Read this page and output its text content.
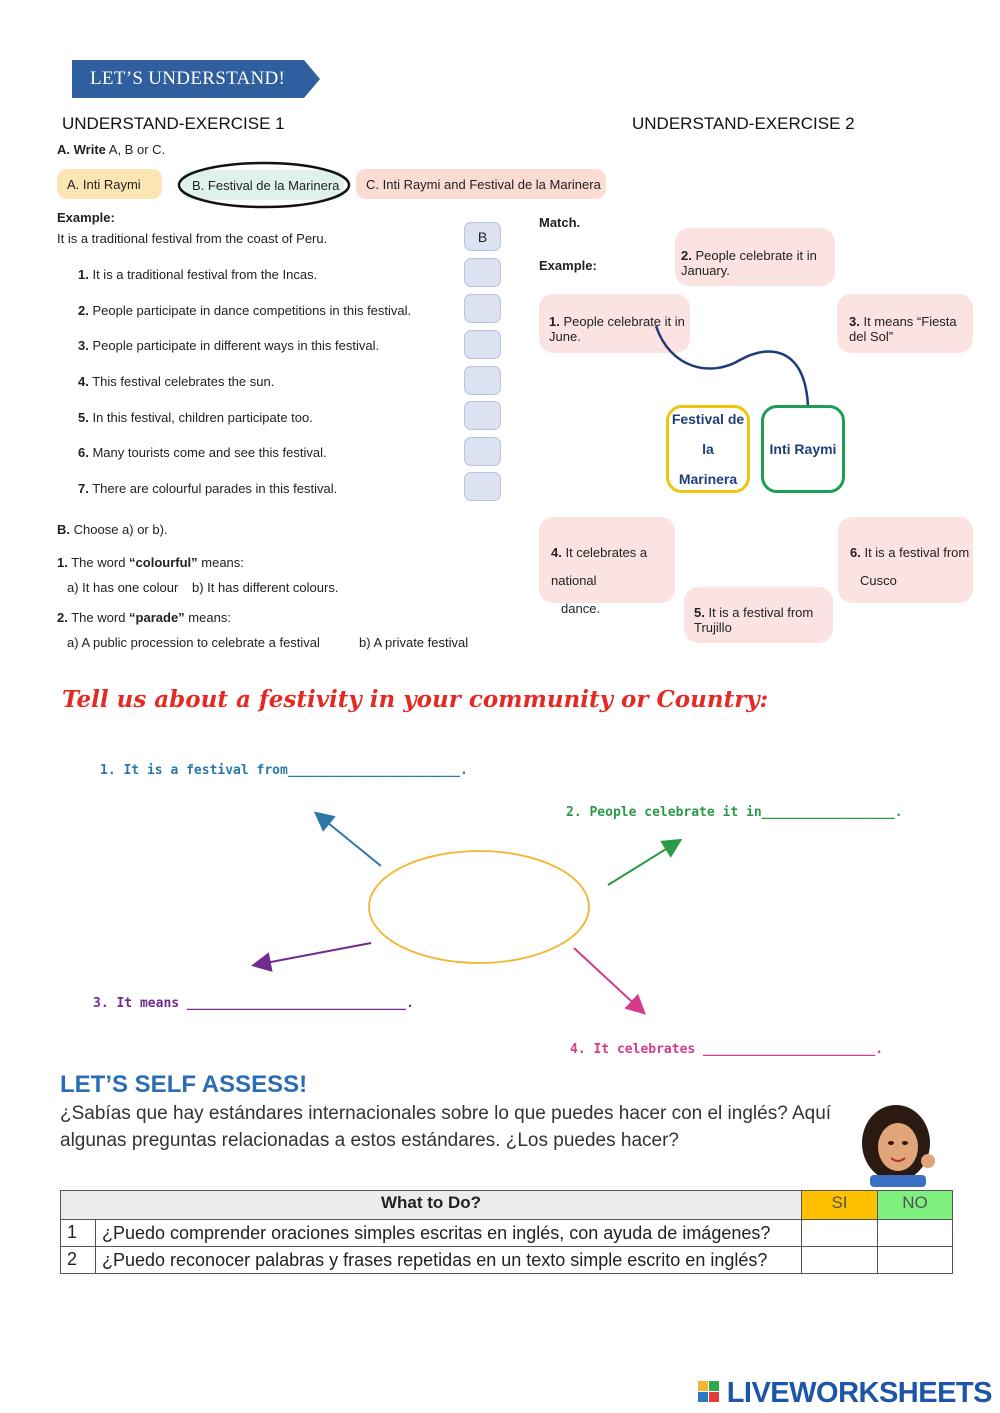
LET’S UNDERSTAND!
UNDERSTAND-EXERCISE 1
A. Write A, B or C.
A. Inti Raymi	B. Festival de la Marinera	C. Inti Raymi and Festival de la Marinera
Example:
It is a traditional festival from the coast of Peru.	B
1. It is a traditional festival from the Incas.
2. People participate in dance competitions in this festival.
3. People participate in different ways in this festival.
4. This festival celebrates the sun.
5. In this festival, children participate too.
6. Many tourists come and see this festival.
7. There are colourful parades in this festival.
B. Choose a) or b).
1. The word “colourful” means:
a) It has one colour b) It has different colours.
2. The word “parade” means:
a) A public procession to celebrate a festival	b) A private festival
UNDERSTAND-EXERCISE 2
Match.
Example:
2. People celebrate it in January.
1. People celebrate it in June.
3. It means “Fiesta del Sol”
4. It celebrates a national
dance.
6. It is a festival from
Cusco
5. It is a festival from Trujillo
Festival de la
Marinera
Inti Raymi
Tell us about a festivity in your community or Country:
1. It is a festival from______________________.
2. People celebrate it in_________________.
3. It means ____________________________.
4. It celebrates ______________________.
LET’S SELF ASSESS!
¿Sabías que hay estándares internacionales sobre lo que puedes hacer con el inglés? Aquí algunas preguntas relacionadas a estos estándares. ¿Los puedes hacer?
What to Do?		SI	NO
1	¿Puedo comprender oraciones simples escritas en inglés, con ayuda de imágenes?		
2	¿Puedo reconocer palabras y frases repetidas en un texto simple escrito en inglés?		
LIVEWORKSHEETS
